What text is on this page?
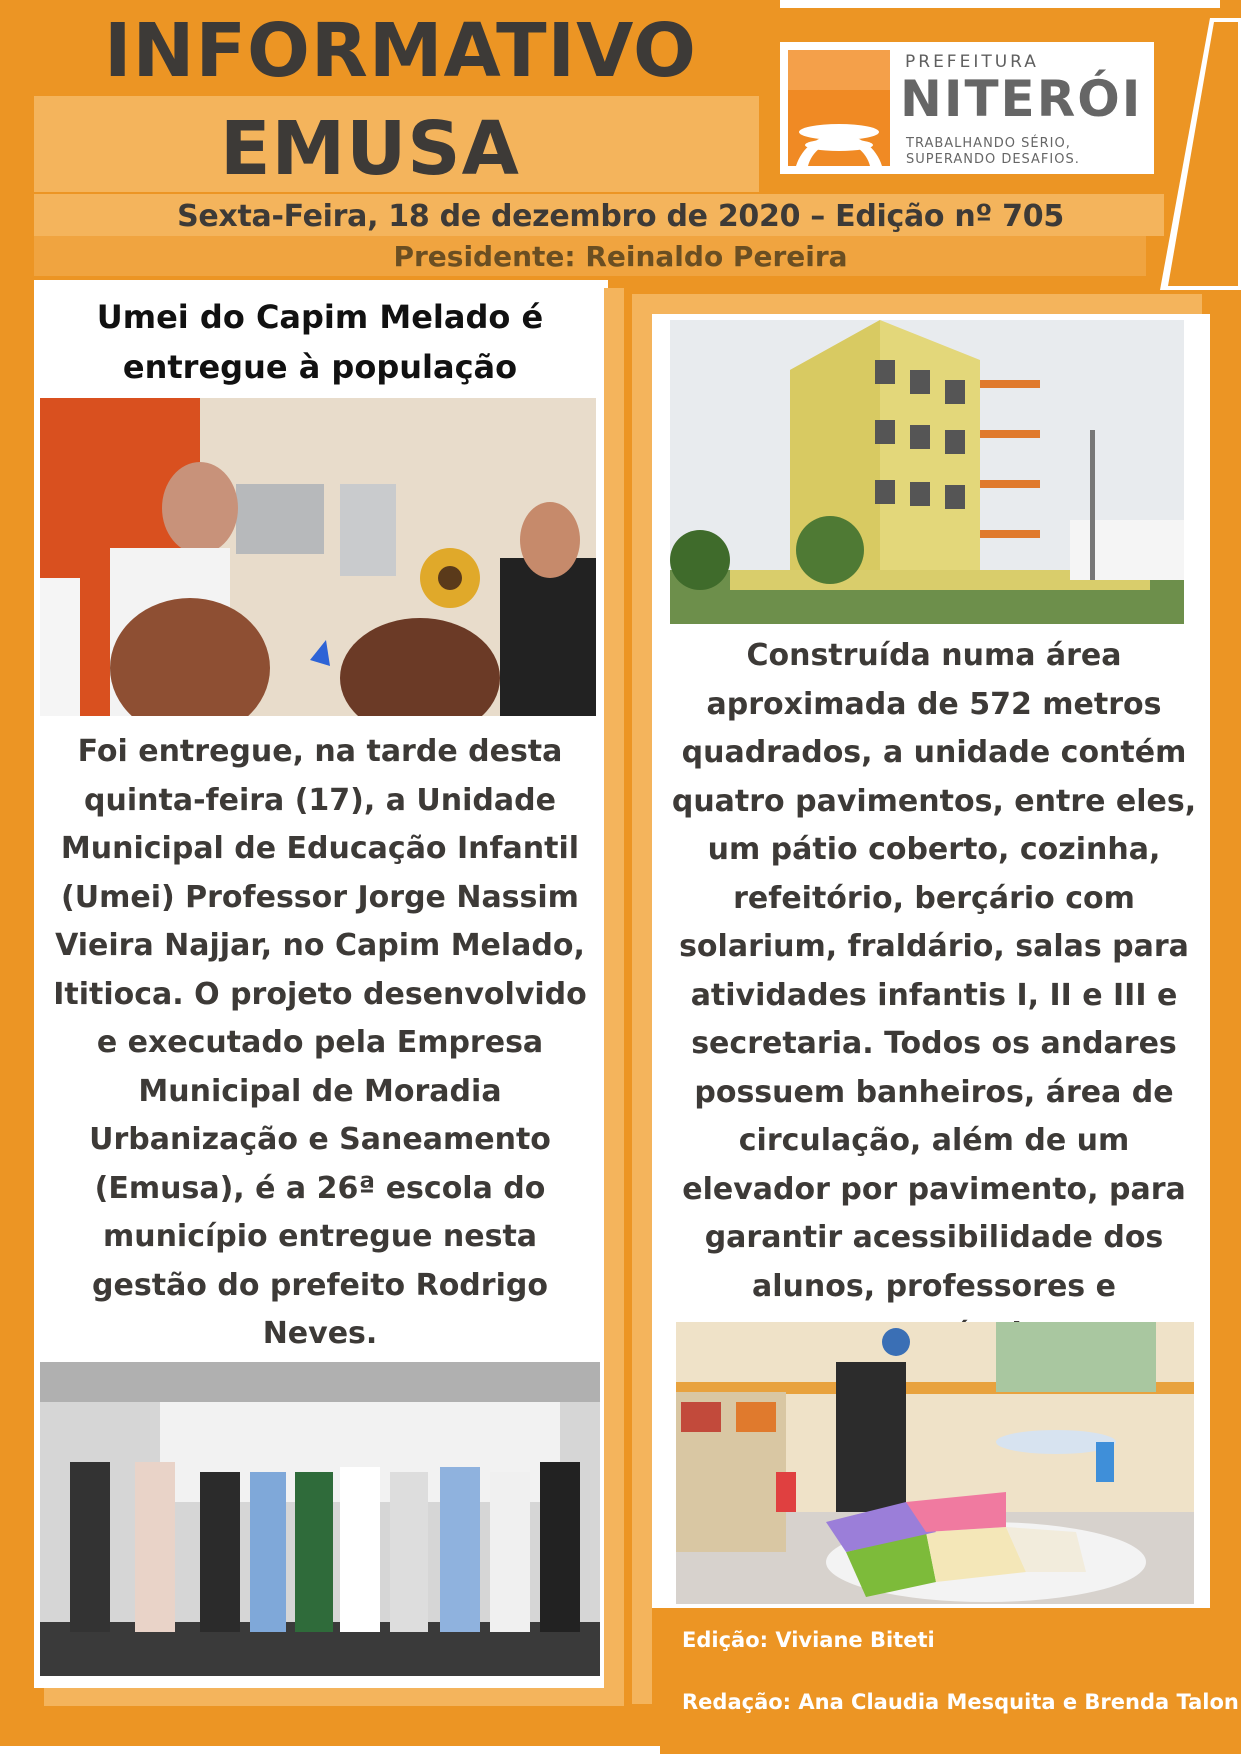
INFORMATIVO
EMUSA
Sexta-Feira, 18 de dezembro de 2020 – Edição nº 705
Presidente: Reinaldo Pereira
PREFEITURA
NITERÓI
TRABALHANDO SÉRIO,
SUPERANDO DESAFIOS.
Umei do Capim Melado é entregue à população
Foi entregue, na tarde desta quinta-feira (17), a Unidade Municipal de Educação Infantil (Umei) Professor Jorge Nassim Vieira Najjar, no Capim Melado, Ititioca. O projeto desenvolvido e executado pela Empresa Municipal de Moradia Urbanização e Saneamento (Emusa), é a 26ª escola do município entregue nesta gestão do prefeito Rodrigo Neves.
Construída numa área aproximada de 572 metros quadrados, a unidade contém quatro pavimentos, entre eles, um pátio coberto, cozinha, refeitório, berçário com solarium, fraldário, salas para atividades infantis I, II e III e secretaria. Todos os andares possuem banheiros, área de circulação, além de um elevador por pavimento, para garantir acessibilidade dos alunos, professores e
Edição: Viviane Biteti
Redação: Ana Claudia Mesquita e Brenda Talon
